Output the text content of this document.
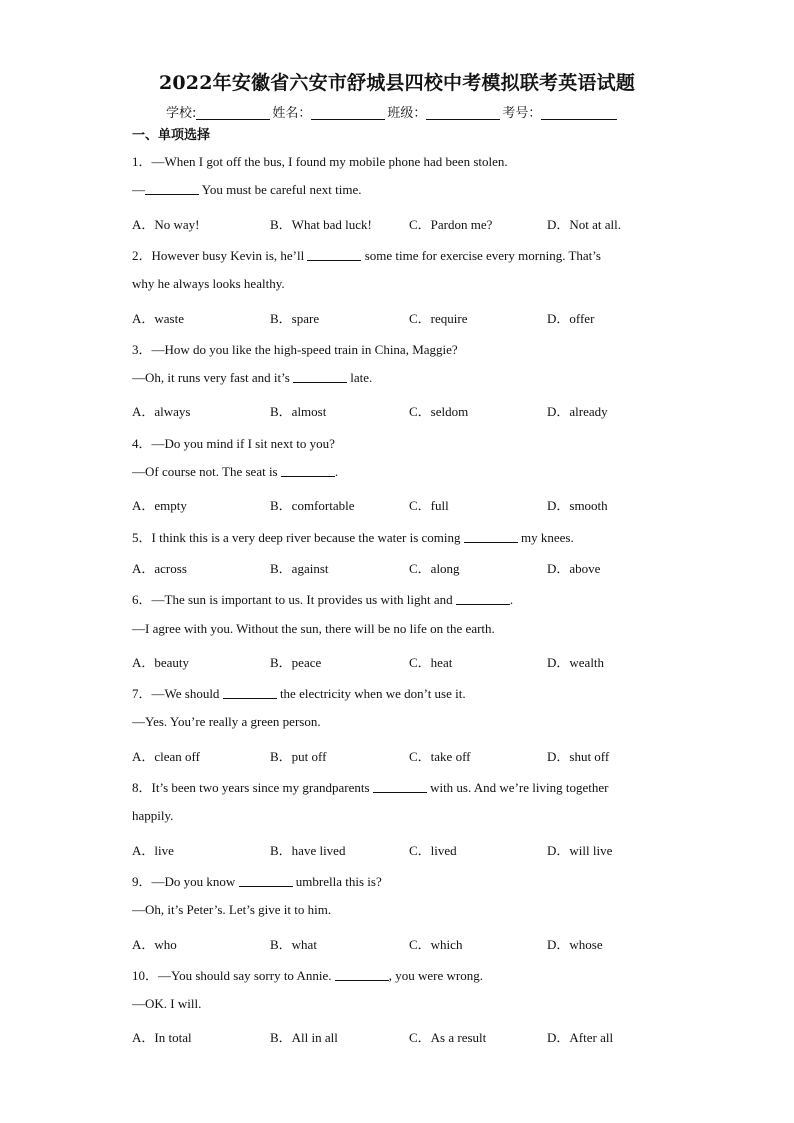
2022年安徽省六安市舒城县四校中考模拟联考英语试题
学校:	姓名：	班级：	考号：
一、单项选择
1．—When I got off the bus, I found my mobile phone had been stolen.
—	You must be careful next time.
A．No way!	B．What bad luck!	C．Pardon me?	D．Not at all.
2．However busy Kevin is, he’ll	some time for exercise every morning. That’s
why he always looks healthy.
A．waste	B．spare	C．require	D．offer
3．—How do you like the high-speed train in China, Maggie?
—Oh, it runs very fast and it’s	late.
A．always	B．almost	C．seldom	D．already
4．—Do you mind if I sit next to you?
—Of course not. The seat is	.
A．empty	B．comfortable	C．full	D．smooth
5．I think this is a very deep river because the water is coming	my knees.
A．across	B．against	C．along	D．above
6．—The sun is important to us. It provides us with light and	.
—I agree with you. Without the sun, there will be no life on the earth.
A．beauty	B．peace	C．heat	D．wealth
7．—We should	the electricity when we don’t use it.
—Yes. You’re really a green person.
A．clean off	B．put off	C．take off	D．shut off
8．It’s been two years since my grandparents	with us. And we’re living together
happily.
A．live	B．have lived	C．lived	D．will live
9．—Do you know	umbrella this is?
—Oh, it’s Peter’s. Let’s give it to him.
A．who	B．what	C．which	D．whose
10．—You should say sorry to Annie.	, you were wrong.
—OK. I will.
A．In total	B．All in all	C．As a result	D．After all
